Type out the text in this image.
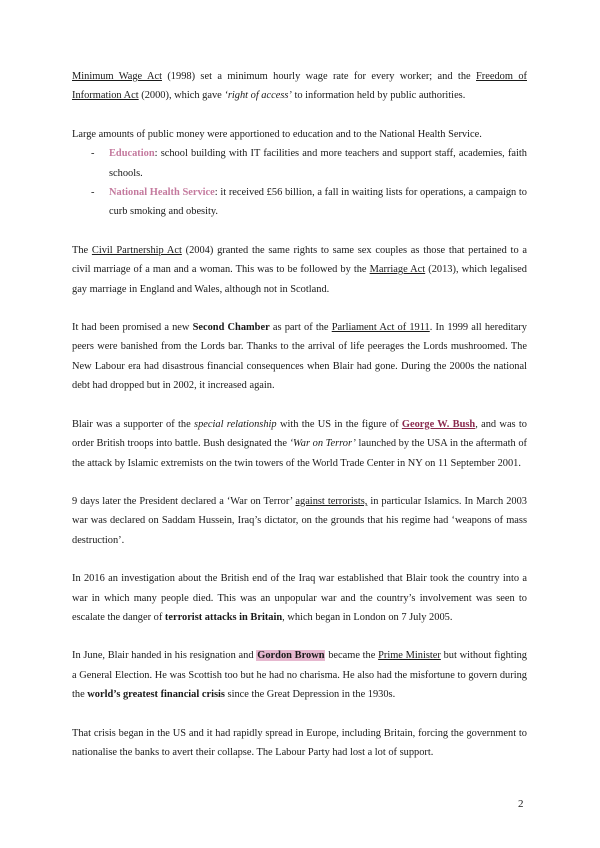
Minimum Wage Act (1998) set a minimum hourly wage rate for every worker; and the Freedom of Information Act (2000), which gave ‘right of access’ to information held by public authorities.

Large amounts of public money were apportioned to education and to the National Health Service.

- Education: school building with IT facilities and more teachers and support staff, academies, faith schools.
- National Health Service: it received £56 billion, a fall in waiting lists for operations, a campaign to curb smoking and obesity.

The Civil Partnership Act (2004) granted the same rights to same sex couples as those that pertained to a civil marriage of a man and a woman. This was to be followed by the Marriage Act (2013), which legalised gay marriage in England and Wales, although not in Scotland.

It had been promised a new Second Chamber as part of the Parliament Act of 1911. In 1999 all hereditary peers were banished from the Lords bar. Thanks to the arrival of life peerages the Lords mushroomed. The New Labour era had disastrous financial consequences when Blair had gone. During the 2000s the national debt had dropped but in 2002, it increased again.

Blair was a supporter of the special relationship with the US in the figure of George W. Bush, and was to order British troops into battle. Bush designated the ‘War on Terror’ launched by the USA in the aftermath of the attack by Islamic extremists on the twin towers of the World Trade Center in NY on 11 September 2001.

9 days later the President declared a ‘War on Terror’ against terrorists, in particular Islamics. In March 2003 war was declared on Saddam Hussein, Iraq’s dictator, on the grounds that his regime had ‘weapons of mass destruction’.

In 2016 an investigation about the British end of the Iraq war established that Blair took the country into a war in which many people died. This was an unpopular war and the country’s involvement was seen to escalate the danger of terrorist attacks in Britain, which began in London on 7 July 2005.

In June, Blair handed in his resignation and Gordon Brown became the Prime Minister but without fighting a General Election. He was Scottish too but he had no charisma. He also had the misfortune to govern during the world’s greatest financial crisis since the Great Depression in the 1930s.

That crisis began in the US and it had rapidly spread in Europe, including Britain, forcing the government to nationalise the banks to avert their collapse. The Labour Party had lost a lot of support.

2
